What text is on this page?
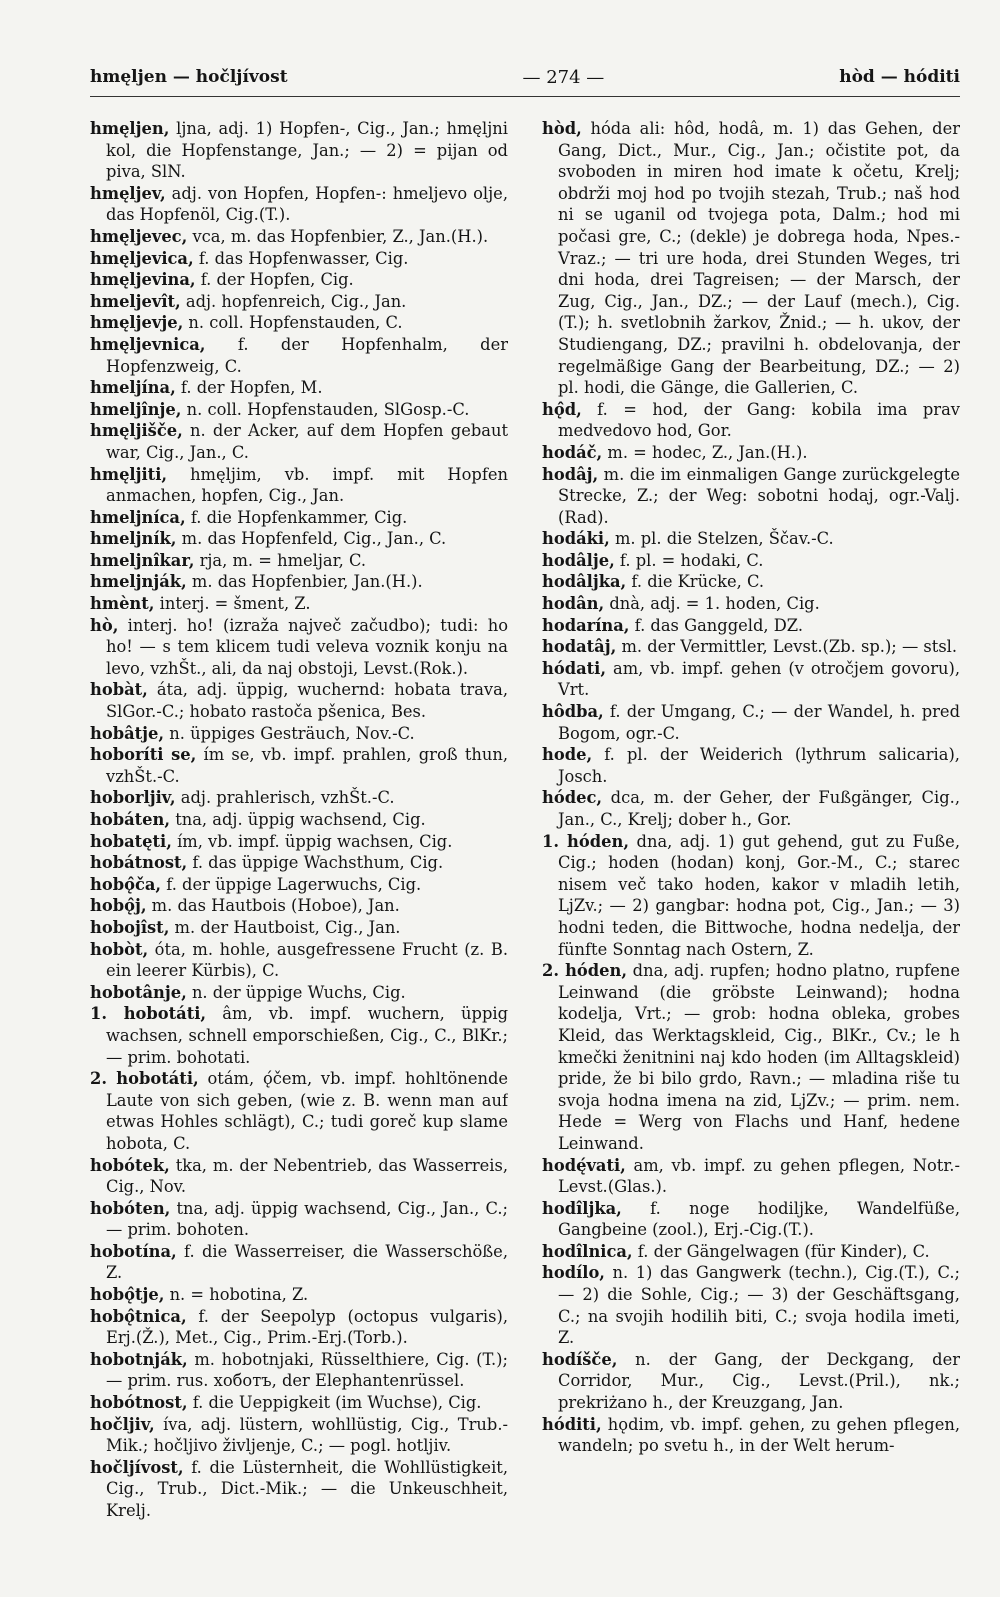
hmęljen — hočljívost	— 274 —	hòd — hóditi

hmęljen, ljna, adj. 1) Hopfen-, Cig., Jan.; hmęljni kol, die Hopfenstange, Jan.; — 2) = pijan od piva, SlN.

hmęljev, adj. von Hopfen, Hopfen-: hmeljevo olje, das Hopfenöl, Cig.(T.).

hmęljevec, vca, m. das Hopfenbier, Z., Jan.(H.).

hmęljevica, f. das Hopfenwasser, Cig.

hmęljevina, f. der Hopfen, Cig.

hmeljevît, adj. hopfenreich, Cig., Jan.

hmęljevje, n. coll. Hopfenstauden, C.

hmęljevnica, f. der Hopfenhalm, der Hopfenzweig, C.

hmeljína, f. der Hopfen, M.

hmeljînje, n. coll. Hopfenstauden, SlGosp.-C.

hmęljišče, n. der Acker, auf dem Hopfen gebaut war, Cig., Jan., C.

hmęljiti, hmęljim, vb. impf. mit Hopfen anmachen, hopfen, Cig., Jan.

hmeljníca, f. die Hopfenkammer, Cig.

hmeljník, m. das Hopfenfeld, Cig., Jan., C.

hmeljnîkar, rja, m. = hmeljar, C.

hmeljnják, m. das Hopfenbier, Jan.(H.).

hmènt, interj. = šment, Z.

hò, interj. ho! (izraža največ začudbo); tudi: ho ho! — s tem klicem tudi veleva voznik konju na levo, vzhŠt., ali, da naj obstoji, Levst.(Rok.).

hobàt, áta, adj. üppig, wuchernd: hobata trava, SlGor.-C.; hobato rastoča pšenica, Bes.

hobâtje, n. üppiges Gesträuch, Nov.-C.

hoboríti se, ím se, vb. impf. prahlen, groß thun, vzhŠt.-C.

hoborljiv, adj. prahlerisch, vzhŠt.-C.

hobáten, tna, adj. üppig wachsend, Cig.

hobatęti, ím, vb. impf. üppig wachsen, Cig.

hobátnost, f. das üppige Wachsthum, Cig.

hobǫ̂ča, f. der üppige Lagerwuchs, Cig.

hobǫ̂j, m. das Hautbois (Hoboe), Jan.

hobojîst, m. der Hautboist, Cig., Jan.

hobòt, óta, m. hohle, ausgefressene Frucht (z. B. ein leerer Kürbis), C.

hobotânje, n. der üppige Wuchs, Cig.

1. hobotáti, âm, vb. impf. wuchern, üppig wachsen, schnell emporschießen, Cig., C., BlKr.; — prim. bohotati.

2. hobotáti, otám, ǫ́čem, vb. impf. hohltönende Laute von sich geben, (wie z. B. wenn man auf etwas Hohles schlägt), C.; tudi goreč kup slame hobota, C.

hobótek, tka, m. der Nebentrieb, das Wasserreis, Cig., Nov.

hobóten, tna, adj. üppig wachsend, Cig., Jan., C.; — prim. bohoten.

hobotína, f. die Wasserreiser, die Wasserschößе, Z.

hobǫ̂tje, n. = hobotina, Z.

hobǫ̂tnica, f. der Seepolyp (octopus vulgaris), Erj.(Ž.), Met., Cig., Prim.-Erj.(Torb.).

hobotnják, m. hobotnjaki, Rüsselthiere, Cig. (T.); — prim. rus. хоботъ, der Elephantenrüssel.

hobótnost, f. die Ueppigkeit (im Wuchse), Cig.

hočljiv, íva, adj. lüstern, wohllüstig, Cig., Trub.-Mik.; hočljivo življenje, C.; — pogl. hotljiv.

hočljívost, f. die Lüsternheit, die Wohllüstigkeit, Cig., Trub., Dict.-Mik.; — die Unkeuschheit, Krelj.

hòd, hóda ali: hôd, hodâ, m. 1) das Gehen, der Gang, Dict., Mur., Cig., Jan.; očistite pot, da svoboden in miren hod imate k očetu, Krelj; obdrži moj hod po tvojih stezah, Trub.; naš hod ni se uganil od tvojega pota, Dalm.; hod mi počasi gre, C.; (dekle) je dobrega hoda, Npes.-Vraz.; — tri ure hoda, drei Stunden Weges, tri dni hoda, drei Tagreisen; — der Marsch, der Zug, Cig., Jan., DZ.; — der Lauf (mech.), Cig. (T.); h. svetlobnih žarkov, Žnid.; — h. ukov, der Studiengang, DZ.; pravilni h. obdelovanja, der regelmäßige Gang der Bearbeitung, DZ.; — 2) pl. hodi, die Gänge, die Gallerien, C.

hǫ̂d, f. = hod, der Gang: kobila ima prav medvedovo hod, Gor.

hodáč, m. = hodec, Z., Jan.(H.).

hodâj, m. die im einmaligen Gange zurückgelegte Strecke, Z.; der Weg: sobotni hodaj, ogr.-Valj.(Rad).

hodáki, m. pl. die Stelzen, Ščav.-C.

hodâlje, f. pl. = hodaki, C.

hodâljka, f. die Krücke, C.

hodân, dnà, adj. = 1. hoden, Cig.

hodarína, f. das Ganggeld, DZ.

hodatâj, m. der Vermittler, Levst.(Zb. sp.); — stsl.

hódati, am, vb. impf. gehen (v otročjem govoru), Vrt.

hôdba, f. der Umgang, C.; — der Wandel, h. pred Bogom, ogr.-C.

hode, f. pl. der Weiderich (lythrum salicaria), Josch.

hódec, dca, m. der Geher, der Fußgänger, Cig., Jan., C., Krelj; dober h., Gor.

1. hóden, dna, adj. 1) gut gehend, gut zu Fuße, Cig.; hoden (hodan) konj, Gor.-M., C.; starec nisem več tako hoden, kakor v mladih letih, LjZv.; — 2) gangbar: hodna pot, Cig., Jan.; — 3) hodni teden, die Bittwoche, hodna nedelja, der fünfte Sonntag nach Ostern, Z.

2. hóden, dna, adj. rupfen; hodno platno, rupfene Leinwand (die gröbste Leinwand); hodna kodelja, Vrt.; — grob: hodna obleka, grobes Kleid, das Werktagskleid, Cig., BlKr., Cv.; le h kmečki ženitnini naj kdo hoden (im Alltagskleid) pride, že bi bilo grdo, Ravn.; — mladina riše tu svoja hodna imena na zid, LjZv.; — prim. nem. Hede = Werg von Flachs und Hanf, hedene Leinwand.

hodę́vati, am, vb. impf. zu gehen pflegen, Notr.-Levst.(Glas.).

hodîljka, f. noge hodiljke, Wandelfüße, Gangbeine (zool.), Erj.-Cig.(T.).

hodîlnica, f. der Gängelwagen (für Kinder), C.

hodílo, n. 1) das Gangwerk (techn.), Cig.(T.), C.; — 2) die Sohle, Cig.; — 3) der Geschäftsgang, C.; na svojih hodilih biti, C.; svoja hodila imeti, Z.

hodíšče, n. der Gang, der Deckgang, der Corridor, Mur., Cig., Levst.(Pril.), nk.; prekriżano h., der Kreuzgang, Jan.

hóditi, hǫdim, vb. impf. gehen, zu gehen pflegen, wandeln; po svetu h., in der Welt herum-
